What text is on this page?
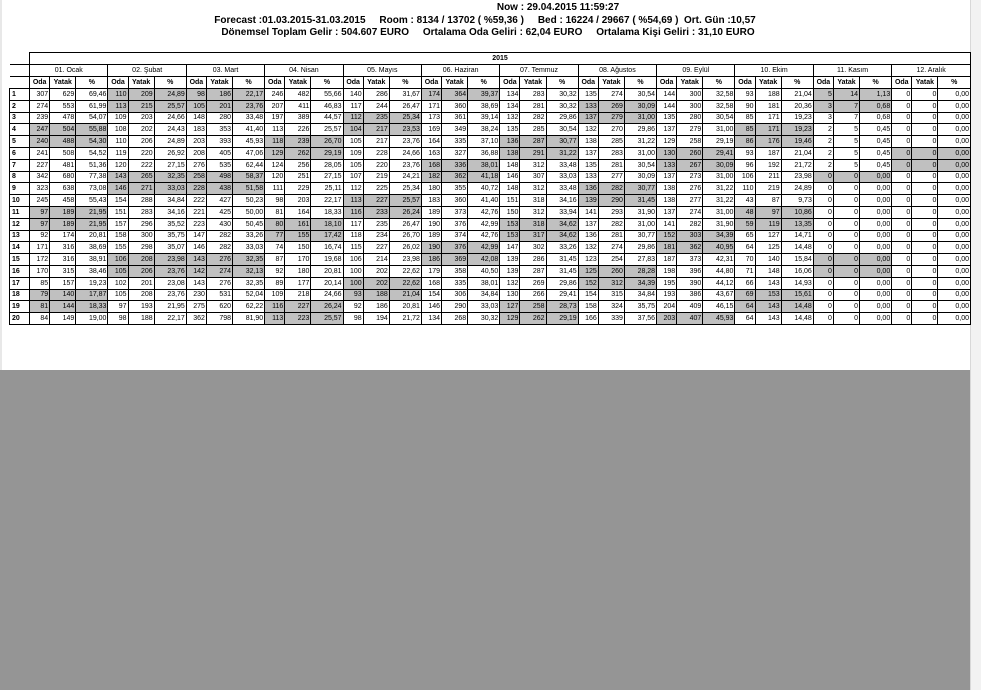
Now : 29.04.2015 11:59:27
Forecast :01.03.2015-31.03.2015     Room : 8134 / 13702 ( %59,36 )     Bed : 16224 / 29667 ( %54,69 )  Ort. Gün :10,57
Dönemsel Toplam Gelir : 504.607 EURO     Ortalama Oda Geliri : 62,04 EURO     Ortalama Kişi Geliri : 31,10 EURO
	2015																																			
	01. Ocak			02. Şubat			03. Mart			04. Nisan			05. Mayıs			06. Haziran			07. Temmuz			08. Ağustos			09. Eylül			10. Ekim			11. Kasım			12. Aralık		
	Oda	Yatak	%	Oda	Yatak	%	Oda	Yatak	%	Oda	Yatak	%	Oda	Yatak	%	Oda	Yatak	%	Oda	Yatak	%	Oda	Yatak	%	Oda	Yatak	%	Oda	Yatak	%	Oda	Yatak	%	Oda	Yatak	%
1	307	629	69,46	110	209	24,89	98	186	22,17	246	482	55,66	140	286	31,67	174	364	39,37	134	283	30,32	135	274	30,54	144	300	32,58	93	188	21,04	5	14	1,13	0	0	0,00
2	274	553	61,99	113	215	25,57	105	201	23,76	207	411	46,83	117	244	26,47	171	360	38,69	134	281	30,32	133	269	30,09	144	300	32,58	90	181	20,36	3	7	0,68	0	0	0,00
3	239	478	54,07	109	203	24,66	148	280	33,48	197	389	44,57	112	235	25,34	173	361	39,14	132	282	29,86	137	279	31,00	135	280	30,54	85	171	19,23	3	7	0,68	0	0	0,00
4	247	504	55,88	108	202	24,43	183	353	41,40	113	226	25,57	104	217	23,53	169	349	38,24	135	285	30,54	132	270	29,86	137	279	31,00	85	171	19,23	2	5	0,45	0	0	0,00
5	240	488	54,30	110	206	24,89	203	393	45,93	118	239	26,70	105	217	23,76	164	335	37,10	136	287	30,77	138	285	31,22	129	258	29,19	86	176	19,46	2	5	0,45	0	0	0,00
6	241	508	54,52	119	220	26,92	208	405	47,06	129	262	29,19	109	228	24,66	163	327	36,88	138	291	31,22	137	283	31,00	130	260	29,41	93	187	21,04	2	5	0,45	0	0	0,00
7	227	481	51,36	120	222	27,15	276	535	62,44	124	256	28,05	105	220	23,76	168	336	38,01	148	312	33,48	135	281	30,54	133	267	30,09	96	192	21,72	2	5	0,45	0	0	0,00
8	342	680	77,38	143	265	32,35	258	498	58,37	120	251	27,15	107	219	24,21	182	362	41,18	146	307	33,03	133	277	30,09	137	273	31,00	106	211	23,98	0	0	0,00	0	0	0,00
9	323	638	73,08	146	271	33,03	228	438	51,58	111	229	25,11	112	225	25,34	180	355	40,72	148	312	33,48	136	282	30,77	138	276	31,22	110	219	24,89	0	0	0,00	0	0	0,00
10	245	458	55,43	154	288	34,84	222	427	50,23	98	203	22,17	113	227	25,57	183	360	41,40	151	318	34,16	139	290	31,45	138	277	31,22	43	87	9,73	0	0	0,00	0	0	0,00
11	97	189	21,95	151	283	34,16	221	425	50,00	81	164	18,33	116	233	26,24	189	373	42,76	150	312	33,94	141	293	31,90	137	274	31,00	48	97	10,86	0	0	0,00	0	0	0,00
12	97	189	21,95	157	296	35,52	223	430	50,45	80	161	18,10	117	235	26,47	190	376	42,99	153	318	34,62	137	282	31,00	141	282	31,90	59	119	13,35	0	0	0,00	0	0	0,00
13	92	174	20,81	158	300	35,75	147	282	33,26	77	155	17,42	118	234	26,70	189	374	42,76	153	317	34,62	136	281	30,77	152	303	34,39	65	127	14,71	0	0	0,00	0	0	0,00
14	171	316	38,69	155	298	35,07	146	282	33,03	74	150	16,74	115	227	26,02	190	376	42,99	147	302	33,26	132	274	29,86	181	362	40,95	64	125	14,48	0	0	0,00	0	0	0,00
15	172	316	38,91	106	208	23,98	143	276	32,35	87	170	19,68	106	214	23,98	186	369	42,08	139	286	31,45	123	254	27,83	187	373	42,31	70	140	15,84	0	0	0,00	0	0	0,00
16	170	315	38,46	105	206	23,76	142	274	32,13	92	180	20,81	100	202	22,62	179	358	40,50	139	287	31,45	125	260	28,28	198	396	44,80	71	148	16,06	0	0	0,00	0	0	0,00
17	85	157	19,23	102	201	23,08	143	276	32,35	89	177	20,14	100	202	22,62	168	335	38,01	132	269	29,86	152	312	34,39	195	390	44,12	66	143	14,93	0	0	0,00	0	0	0,00
18	79	140	17,87	105	208	23,76	230	531	52,04	109	218	24,66	93	188	21,04	154	306	34,84	130	266	29,41	154	315	34,84	193	386	43,67	69	153	15,61	0	0	0,00	0	0	0,00
19	81	144	18,33	97	193	21,95	275	620	62,22	116	227	26,24	92	186	20,81	146	290	33,03	127	258	28,73	158	324	35,75	204	409	46,15	64	143	14,48	0	0	0,00	0	0	0,00
20	84	149	19,00	98	188	22,17	362	798	81,90	113	223	25,57	98	194	21,72	134	268	30,32	129	262	29,19	166	339	37,56	203	407	45,93	64	143	14,48	0	0	0,00	0	0	0,00
